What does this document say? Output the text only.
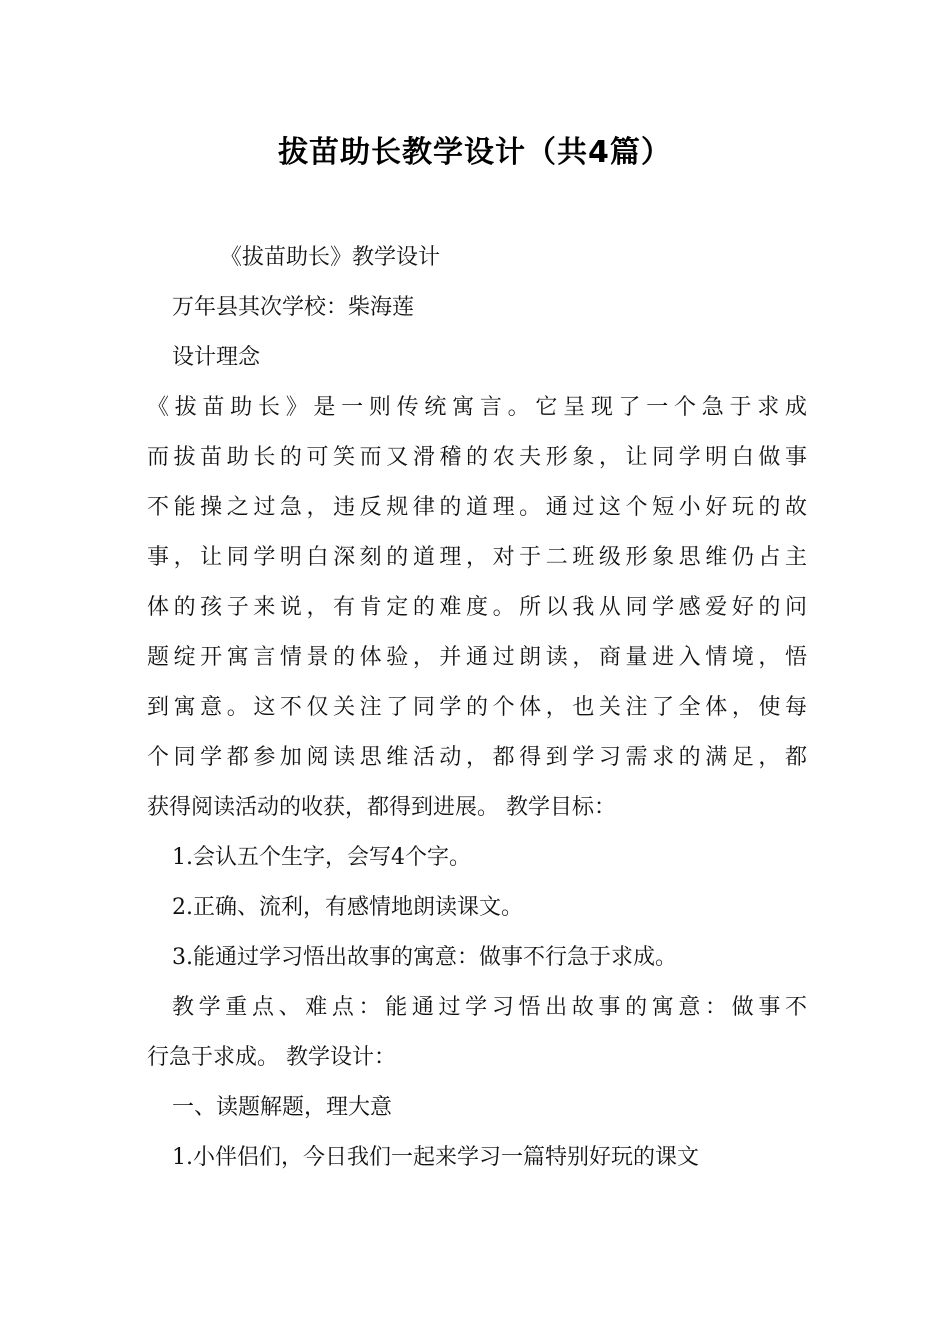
拔苗助长教学设计（共4篇）
《拔苗助长》教学设计
万年县其次学校：柴海莲
设计理念
《拔苗助长》是一则传统寓言。它呈现了一个急于求成
而拔苗助长的可笑而又滑稽的农夫形象，让同学明白做事
不能操之过急，违反规律的道理。通过这个短小好玩的故
事，让同学明白深刻的道理，对于二班级形象思维仍占主
体的孩子来说，有肯定的难度。所以我从同学感爱好的问
题绽开寓言情景的体验，并通过朗读，商量进入情境，悟
到寓意。这不仅关注了同学的个体，也关注了全体，使每
个同学都参加阅读思维活动，都得到学习需求的满足，都
获得阅读活动的收获，都得到进展。 教学目标：
1.会认五个生字，会写4个字。
2.正确、流利，有感情地朗读课文。
3.能通过学习悟出故事的寓意：做事不行急于求成。
教学重点、难点：能通过学习悟出故事的寓意：做事不
行急于求成。 教学设计：
一、读题解题，理大意
1.小伴侣们，今日我们一起来学习一篇特别好玩的课文
